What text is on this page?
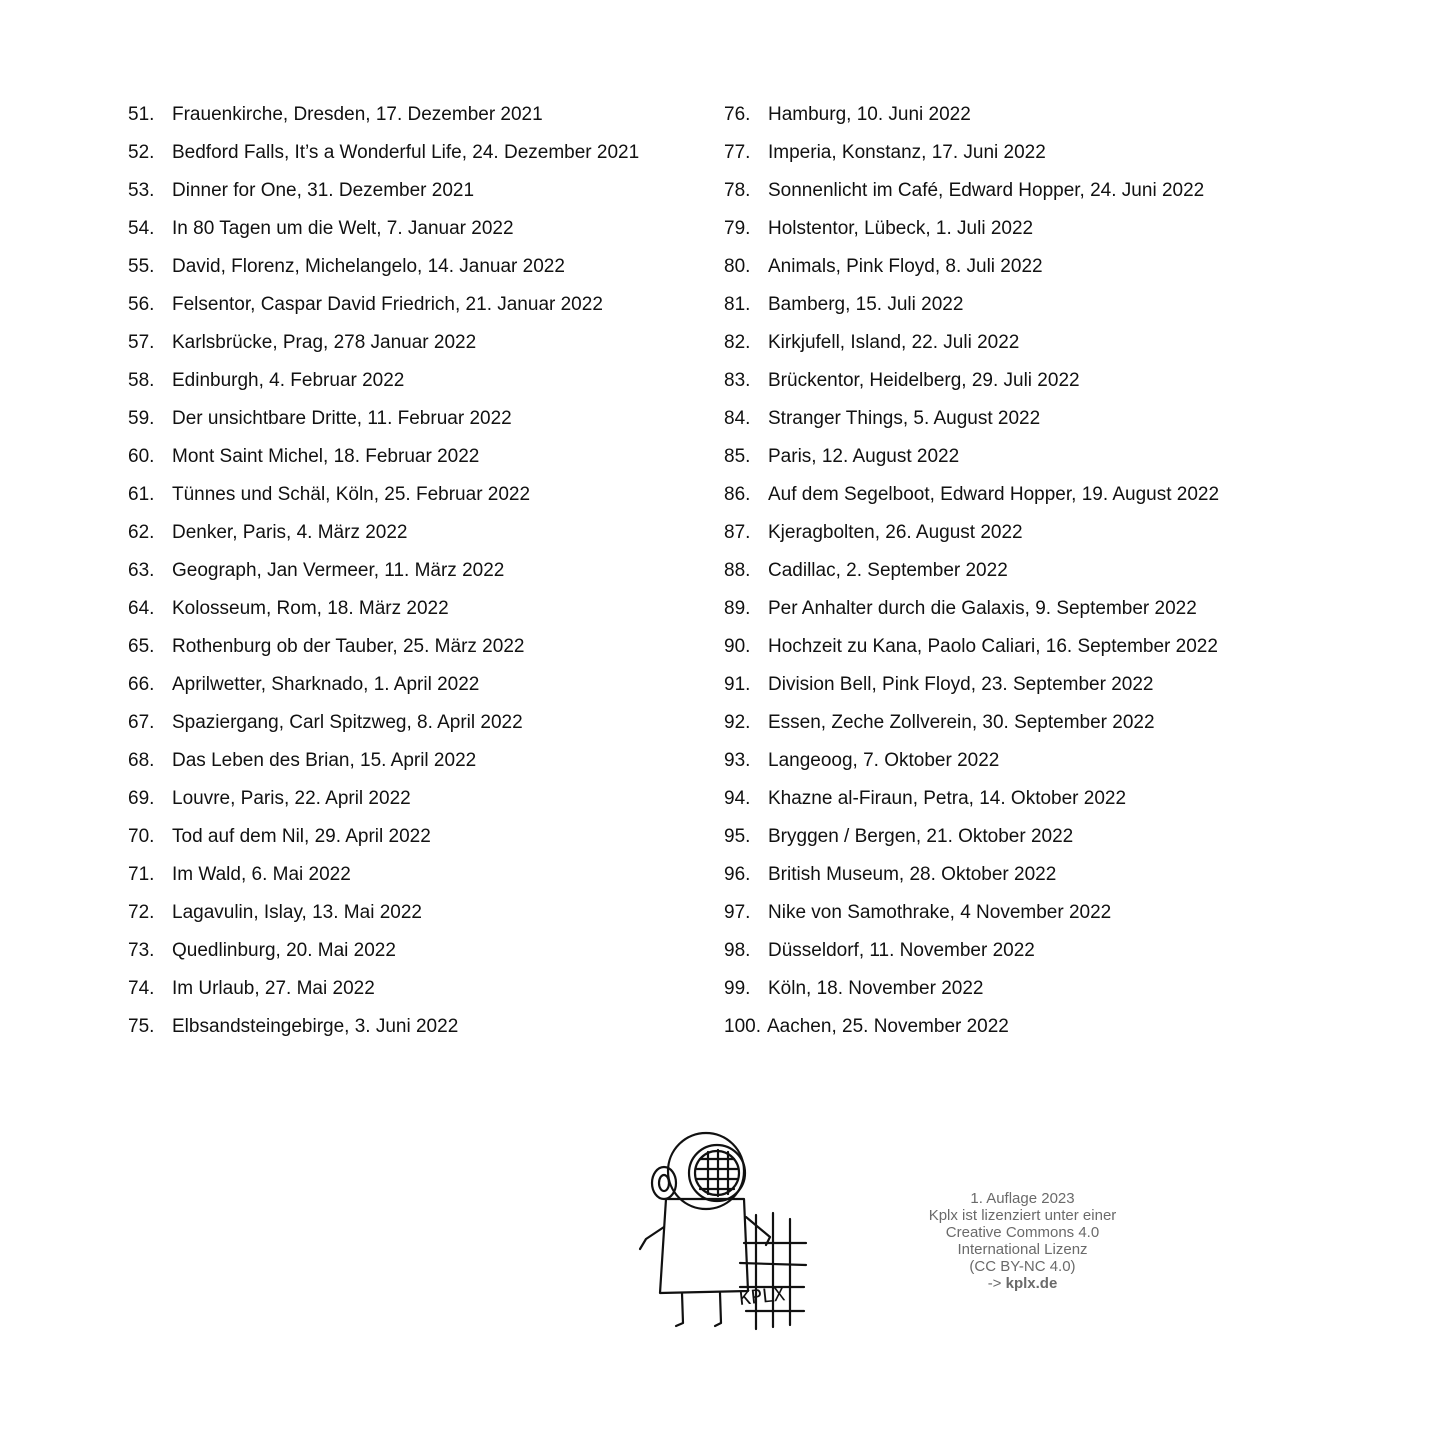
51. Frauenkirche, Dresden, 17. Dezember 2021
52. Bedford Falls, It’s a Wonderful Life, 24. Dezember 2021
53. Dinner for One, 31. Dezember 2021
54. In 80 Tagen um die Welt, 7. Januar 2022
55. David, Florenz, Michelangelo, 14. Januar 2022
56. Felsentor, Caspar David Friedrich, 21. Januar 2022
57. Karlsbrücke, Prag, 278 Januar 2022
58. Edinburgh, 4. Februar 2022
59. Der unsichtbare Dritte, 11. Februar 2022
60. Mont Saint Michel, 18. Februar 2022
61. Tünnes und Schäl, Köln, 25. Februar 2022
62. Denker, Paris, 4. März 2022
63. Geograph, Jan Vermeer, 11. März 2022
64. Kolosseum, Rom, 18. März 2022
65. Rothenburg ob der Tauber, 25. März 2022
66. Aprilwetter, Sharknado, 1. April 2022
67. Spaziergang, Carl Spitzweg, 8. April 2022
68. Das Leben des Brian, 15. April 2022
69. Louvre, Paris, 22. April 2022
70. Tod auf dem Nil, 29. April 2022
71. Im Wald, 6. Mai 2022
72. Lagavulin, Islay, 13. Mai 2022
73. Quedlinburg, 20. Mai 2022
74. Im Urlaub, 27. Mai 2022
75. Elbsandsteingebirge, 3. Juni 2022
76. Hamburg, 10. Juni 2022
77. Imperia, Konstanz, 17. Juni 2022
78. Sonnenlicht im Café, Edward Hopper, 24. Juni 2022
79. Holstentor, Lübeck, 1. Juli 2022
80. Animals, Pink Floyd, 8. Juli 2022
81. Bamberg, 15. Juli 2022
82. Kirkjufell, Island, 22. Juli 2022
83. Brückentor, Heidelberg, 29. Juli 2022
84. Stranger Things, 5. August 2022
85. Paris, 12. August 2022
86. Auf dem Segelboot, Edward Hopper, 19. August 2022
87. Kjeragbolten, 26. August 2022
88. Cadillac, 2. September 2022
89. Per Anhalter durch die Galaxis, 9. September 2022
90. Hochzeit zu Kana, Paolo Caliari, 16. September 2022
91. Division Bell, Pink Floyd, 23. September 2022
92. Essen, Zeche Zollverein, 30. September 2022
93. Langeoog, 7. Oktober 2022
94. Khazne al-Firaun, Petra, 14. Oktober 2022
95. Bryggen / Bergen, 21. Oktober 2022
96. British Museum, 28. Oktober 2022
97. Nike von Samothrake, 4 November 2022
98. Düsseldorf, 11. November 2022
99. Köln, 18. November 2022
100. Aachen, 25. November 2022
KPLX
1. Auflage 2023
Kplx ist lizenziert unter einer
Creative Commons 4.0
International Lizenz
(CC BY-NC 4.0)
-> kplx.de
